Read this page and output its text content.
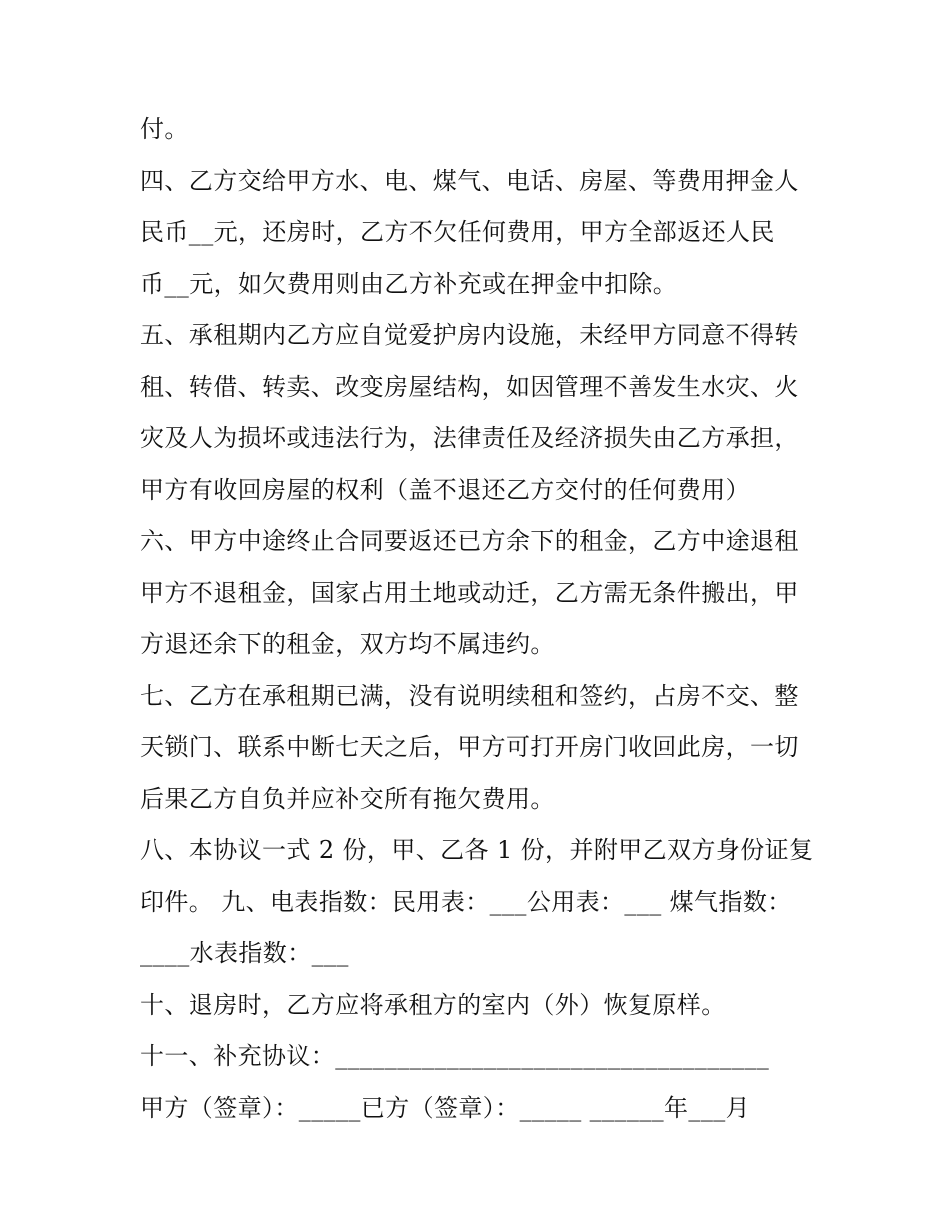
付。
四、乙方交给甲方水、电、煤气、电话、房屋、等费用押金人
民币__元，还房时，乙方不欠任何费用，甲方全部返还人民
币__元，如欠费用则由乙方补充或在押金中扣除。
五、承租期内乙方应自觉爱护房内设施，未经甲方同意不得转
租、转借、转卖、改变房屋结构，如因管理不善发生水灾、火
灾及人为损坏或违法行为，法律责任及经济损失由乙方承担，
甲方有收回房屋的权利（盖不退还乙方交付的任何费用）
六、甲方中途终止合同要返还已方余下的租金，乙方中途退租
甲方不退租金，国家占用土地或动迁，乙方需无条件搬出，甲
方退还余下的租金，双方均不属违约。
七、乙方在承租期已满，没有说明续租和签约，占房不交、整
天锁门、联系中断七天之后，甲方可打开房门收回此房，一切
后果乙方自负并应补交所有拖欠费用。
八、本协议一式 2 份，甲、乙各 1 份，并附甲乙双方身份证复
印件。 九、电表指数：民用表：___公用表：___ 煤气指数：
____水表指数：___
十、退房时，乙方应将承租方的室内（外）恢复原样。
十一、补充协议：___________________________________
甲方（签章）：_____已方（签章）：_____ ______年___月
